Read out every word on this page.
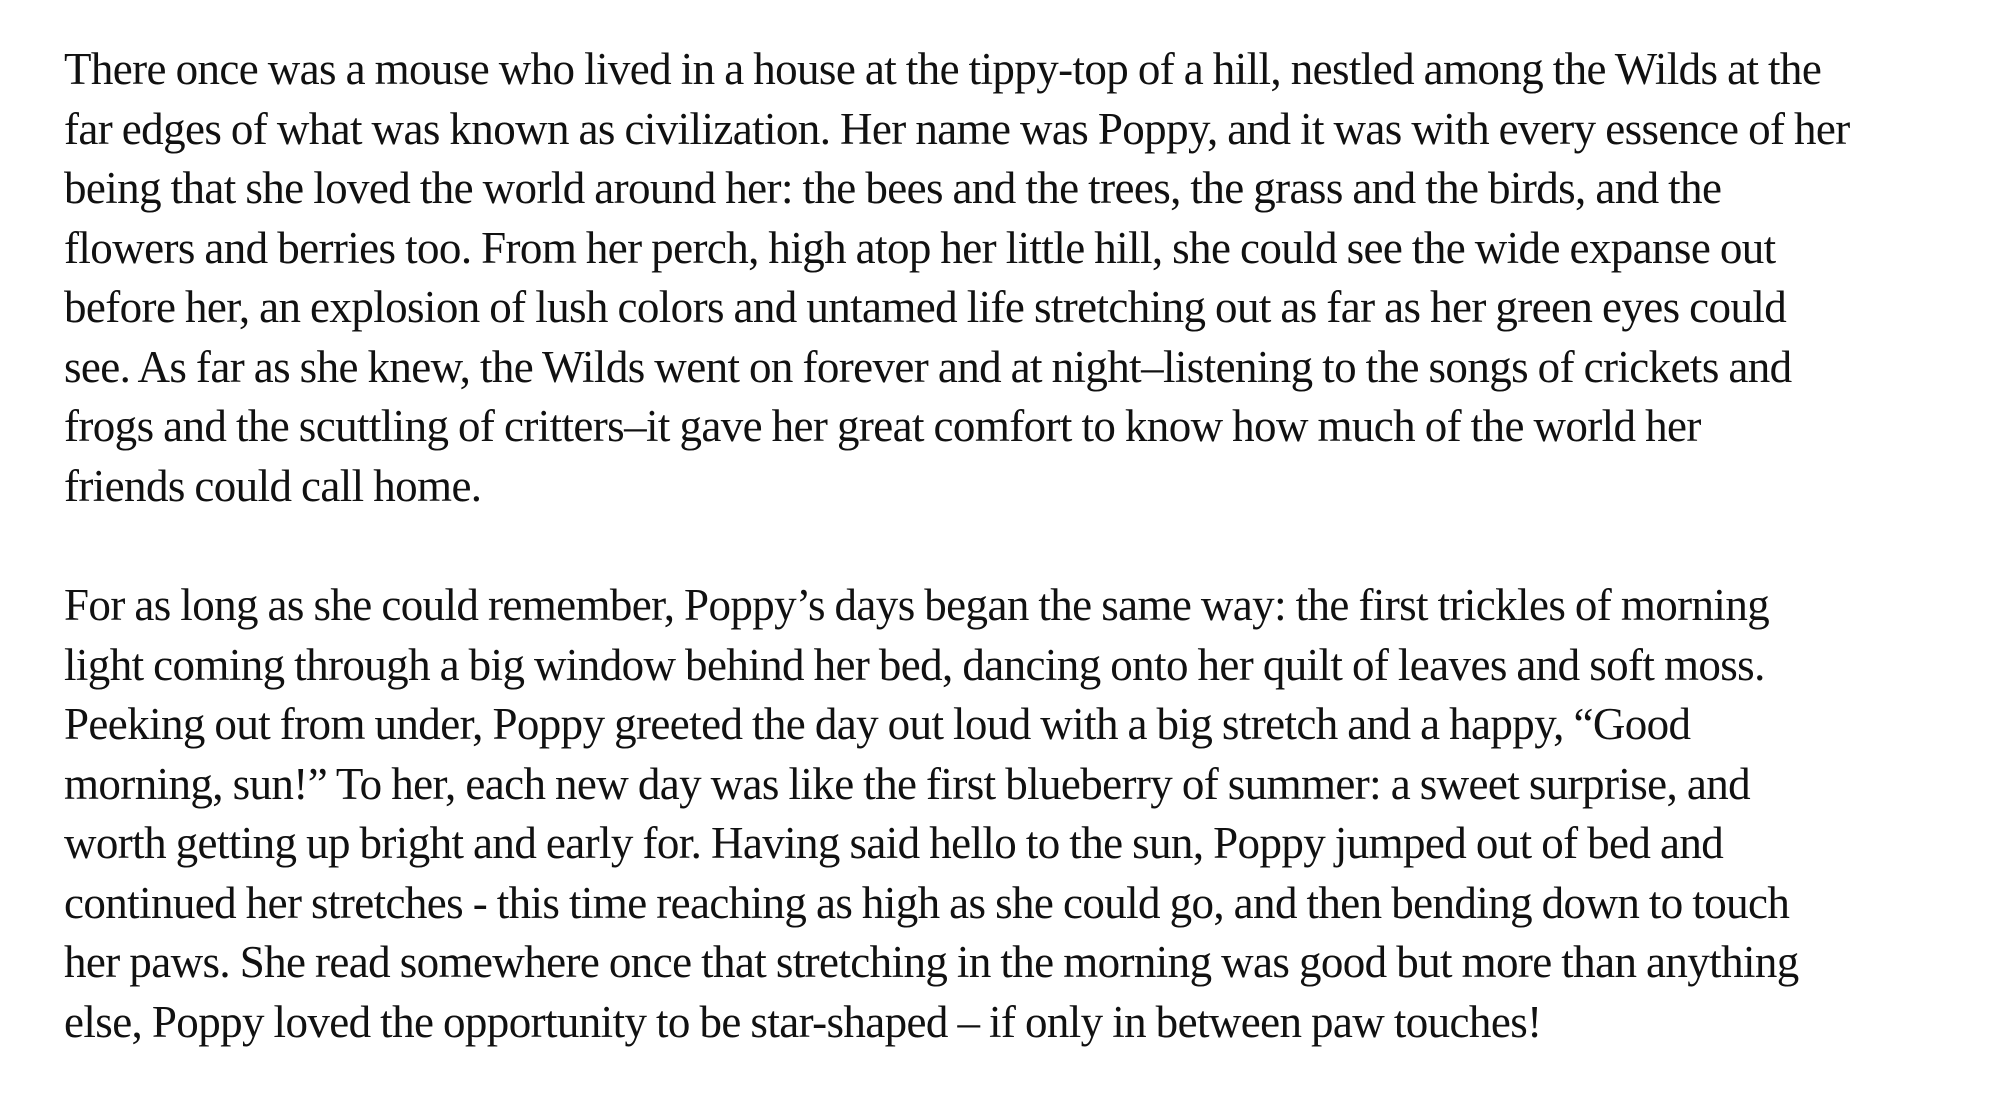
There once was a mouse who lived in a house at the tippy-top of a hill, nestled among the Wilds at the
far edges of what was known as civilization. Her name was Poppy, and it was with every essence of her
being that she loved the world around her: the bees and the trees, the grass and the birds, and the
flowers and berries too. From her perch, high atop her little hill, she could see the wide expanse out
before her, an explosion of lush colors and untamed life stretching out as far as her green eyes could
see. As far as she knew, the Wilds went on forever and at night–listening to the songs of crickets and
frogs and the scuttling of critters–it gave her great comfort to know how much of the world her
friends could call home.

For as long as she could remember, Poppy’s days began the same way: the first trickles of morning
light coming through a big window behind her bed, dancing onto her quilt of leaves and soft moss.
Peeking out from under, Poppy greeted the day out loud with a big stretch and a happy, “Good
morning, sun!” To her, each new day was like the first blueberry of summer: a sweet surprise, and
worth getting up bright and early for. Having said hello to the sun, Poppy jumped out of bed and
continued her stretches - this time reaching as high as she could go, and then bending down to touch
her paws. She read somewhere once that stretching in the morning was good but more than anything
else, Poppy loved the opportunity to be star-shaped – if only in between paw touches!
